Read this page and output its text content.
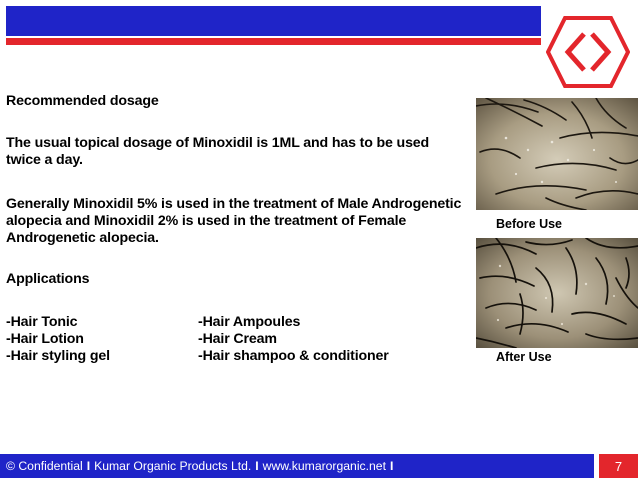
Recommended dosage

The usual topical dosage of Minoxidil is 1ML and has to be used twice a day.

Generally Minoxidil 5% is used in the treatment of Male Androgenetic alopecia and Minoxidil 2% is used in the treatment of Female Androgenetic alopecia.

Applications

-Hair Tonic
-Hair Lotion
-Hair styling gel
-Hair Ampoules
-Hair Cream
-Hair shampoo & conditioner
Before Use
After Use
© Confidential I Kumar Organic Products Ltd. I www.kumarorganic.net I	7
